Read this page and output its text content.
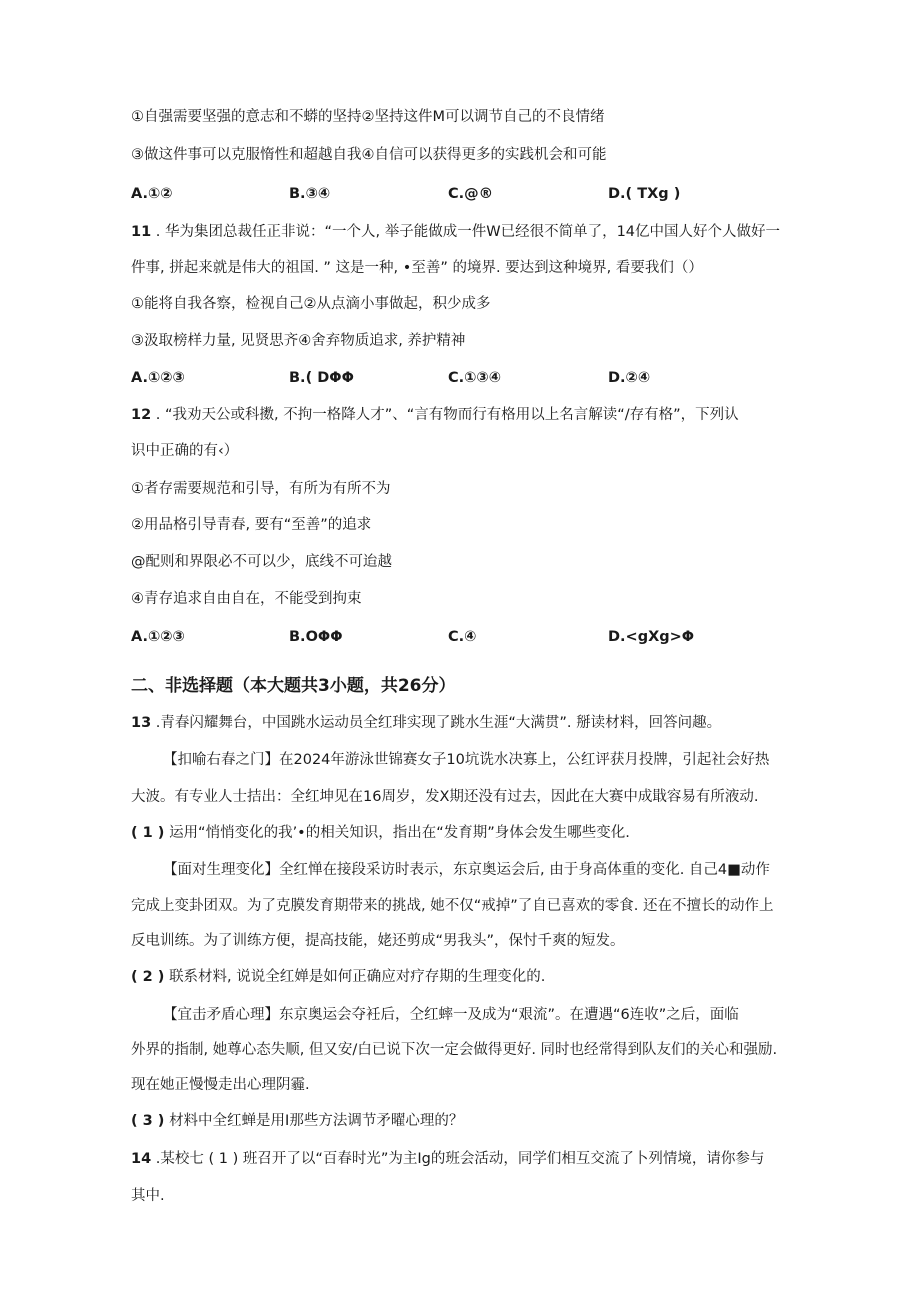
①自强需要坚强的意志和不蟒的坚持②坚持这件M可以调节自己的不良情绪
③做这件事可以克服惰性和超越自我④自信可以获得更多的实践机会和可能
A.①②	B.③④	C.@®	D.( TXg )
11 . 华为集团总裁任正非说：“一个人, 举子能做成一件W已经很不简单了，14亿中国人好个人做好一
件事, 拼起来就是伟大的祖国. ” 这是一种, •至善” 的境界. 要达到这种境界, 看要我们（）
①能将自我各察，检视自己②从点滴小事做起，积少成多
③汲取榜样力量, 见贤思齐④舍弃物质追求, 养护精神
A.①②③	B.( DΦΦ	C.①③④	D.②④
12 . “我劝天公或科擞, 不拘一格降人才”、“言有物而行有格用以上名言解读“/存有格”，下列认
识中正确的有‹）
①者存需要规范和引导，有所为有所不为
②用品格引导青春, 要有“至善”的追求
@配则和界限必不可以少，底线不可迨越
④青存追求自由自在，不能受到拘束
A.①②③	B.OΦΦ	C.④	D.<gXg>Φ
二、非选择题（本大题共3小题，共26分）
13 .青春闪耀舞台，中国跳水运动员全红琲实现了跳水生涯“大满贯”. 掰读材料，回答问趣。
【扣喻右春之门】在2024年游泳世锦赛女子10坑诜水决寡上，公红评获月投牌，引起社会好热
大波。有专业人士拮出：全红坤见在16周岁，发X期还没有过去，因此在大赛中成戢容易有所液动.
( 1 ) 运用“悄悄变化的我’•的相关知识，指出在“发育期”身体会发生哪些变化.
【面对生理变化】全红惮在接段采访时表示，东京奥运会后, 由于身高体重的变化. 自己4■动作
完成上变卦团双。为了克膜发育期带来的挑战, 她不仅“戒掉”了自已喜欢的零食. 还在不擅长的动作上
反电训练。为了训练方便，提高技能，姥还剪成“男我头”，保忖千爽的短发。
( 2 ) 联系材料, 说说全红婵是如何正确应对疗存期的生理变化的.
【宜击矛盾心理】东京奥运会夺衽后，仝红蟀一及成为“艰流”。在遭遇“6连收”之后，面临
外界的指制, 她尊心态失顺, 但又安/白已说下次一定会做得更好. 同时也经常得到队友们的关心和强励.
现在她正慢慢走出心理阴霾.
( 3 ) 材料中全红蝉是用I那些方法调节矛曜心理的？
14 .某校七 ( 1 ) 班召开了以“百春时光”为主Ig的班会活动，同学们相互交流了卜列情境，请你参与
其中.
